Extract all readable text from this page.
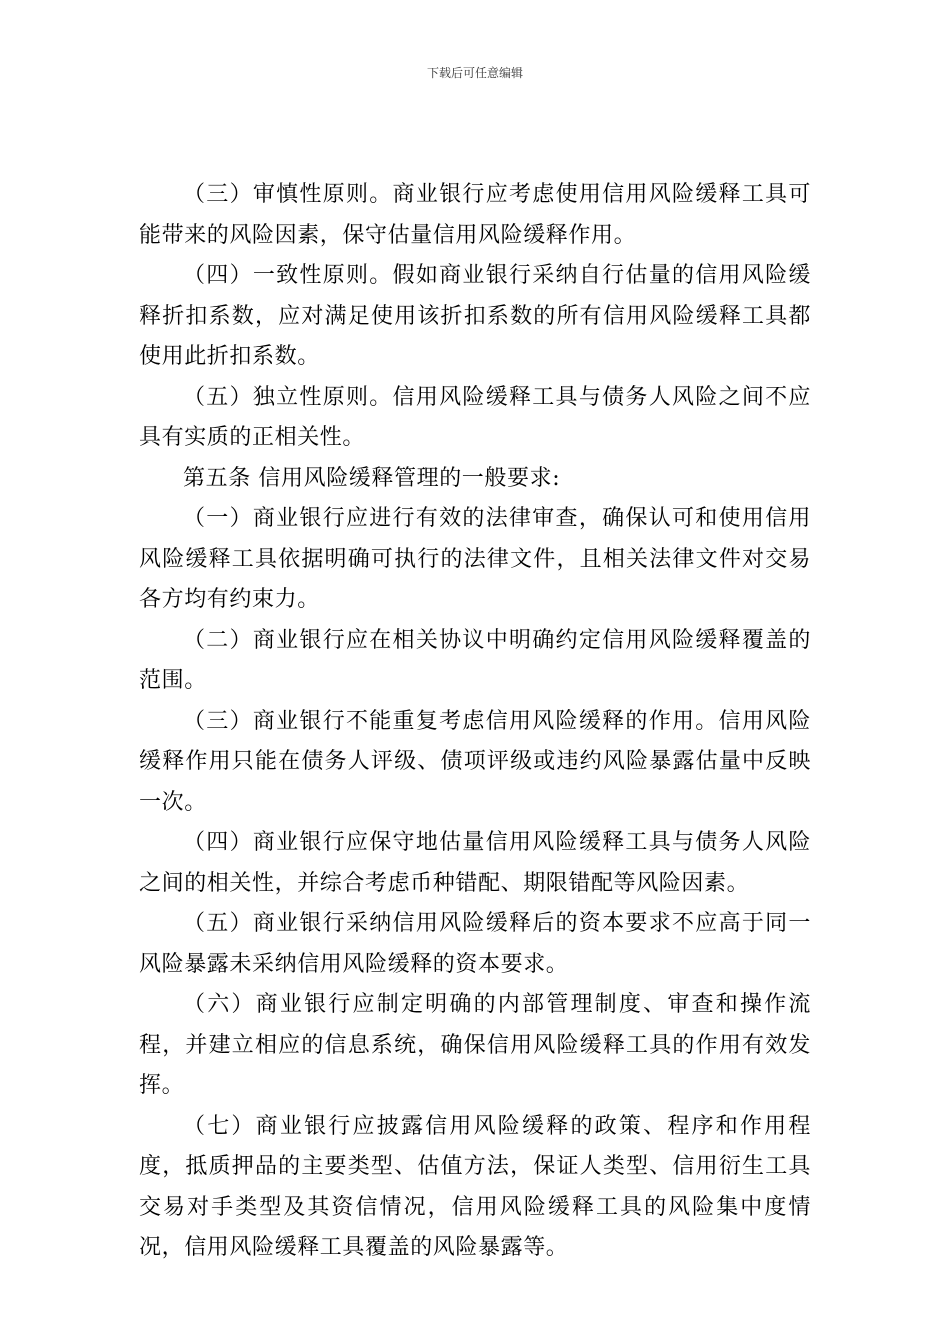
下载后可任意编辑

（三）审慎性原则。商业银行应考虑使用信用风险缓释工具可能带来的风险因素，保守估量信用风险缓释作用。

（四）一致性原则。假如商业银行采纳自行估量的信用风险缓释折扣系数，应对满足使用该折扣系数的所有信用风险缓释工具都使用此折扣系数。

（五）独立性原则。信用风险缓释工具与债务人风险之间不应具有实质的正相关性。

第五条 信用风险缓释管理的一般要求:

（一）商业银行应进行有效的法律审查，确保认可和使用信用风险缓释工具依据明确可执行的法律文件，且相关法律文件对交易各方均有约束力。

（二）商业银行应在相关协议中明确约定信用风险缓释覆盖的范围。

（三）商业银行不能重复考虑信用风险缓释的作用。信用风险缓释作用只能在债务人评级、债项评级或违约风险暴露估量中反映一次。

（四）商业银行应保守地估量信用风险缓释工具与债务人风险之间的相关性，并综合考虑币种错配、期限错配等风险因素。

（五）商业银行采纳信用风险缓释后的资本要求不应高于同一风险暴露未采纳信用风险缓释的资本要求。

（六）商业银行应制定明确的内部管理制度、审查和操作流程，并建立相应的信息系统，确保信用风险缓释工具的作用有效发挥。

（七）商业银行应披露信用风险缓释的政策、程序和作用程度，抵质押品的主要类型、估值方法，保证人类型、信用衍生工具交易对手类型及其资信情况，信用风险缓释工具的风险集中度情况，信用风险缓释工具覆盖的风险暴露等。
